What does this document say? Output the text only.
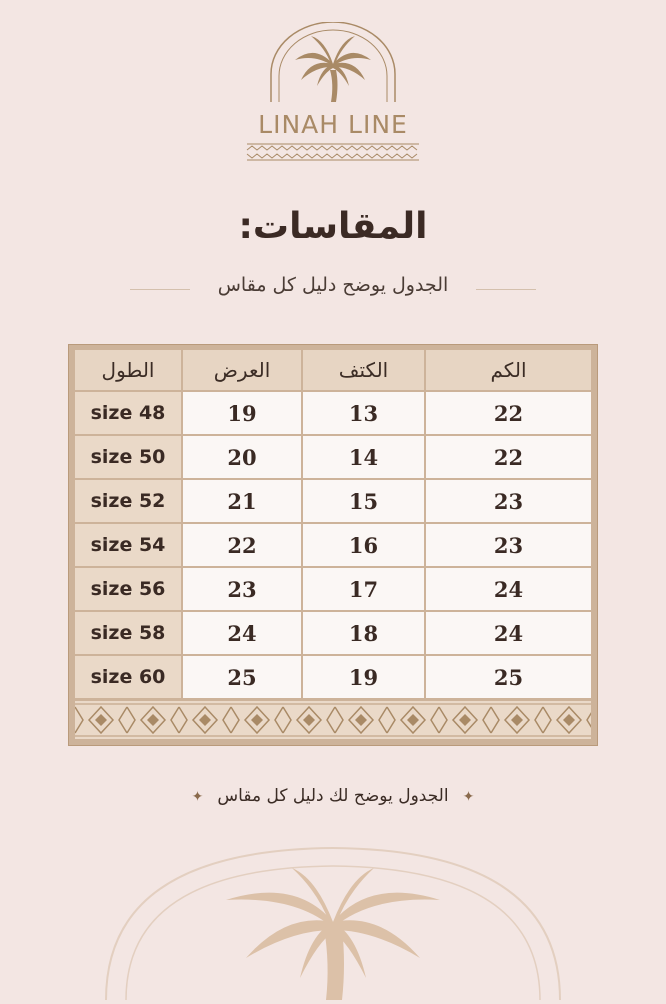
LINAH LINE
المقاسات:
الجدول يوضح دليل كل مقاس
الكم
الكتف
العرض
الطول
22
13
19
size 48
22
14
20
size 50
23
15
21
size 52
23
16
22
size 54
24
17
23
size 56
24
18
24
size 58
25
19
25
size 60
✦الجدول يوضح لك دليل كل مقاس✦
